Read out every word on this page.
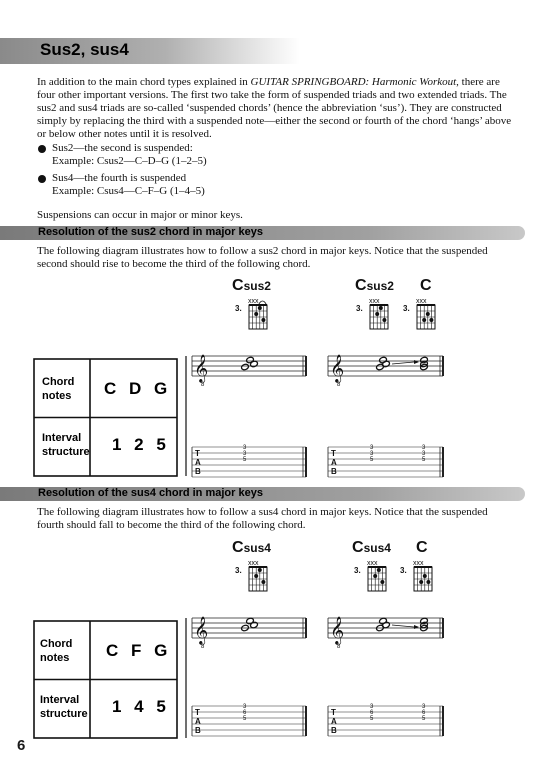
Sus2, sus4
In addition to the main chord types explained in GUITAR SPRINGBOARD: Harmonic Workout, there are four other important versions. The first two take the form of suspended triads and two extended triads. The sus2 and sus4 triads are so-called ‘suspended chords’ (hence the abbreviation ‘sus’). They are constructed simply by replacing the third with a suspended note—either the second or fourth of the chord ‘hangs’ above or below other notes until it is resolved.
Sus2—the second is suspended:
Example: Csus2—C–D–G (1–2–5)
Sus4—the fourth is suspended
Example: Csus4—C–F–G (1–4–5)
Suspensions can occur in major or minor keys.
Resolution of the sus2 chord in major keys
The following diagram illustrates how to follow a sus2 chord in major keys. Notice that the suspended second should rise to become the third of the following chord.
Csus2	Csus2 C
Chord
notes C D G
Interval
structure 1 2 5
Resolution of the sus4 chord in major keys
The following diagram illustrates how to follow a sus4 chord in major keys. Notice that the suspended fourth should fall to become the third of the following chord.
Csus4	Csus4 C
Chord
notes C F G
Interval
structure 1 4 5
3.
xxx
3.
xxx
3.
xxx
𝄞
8
T
A
B
3
3
5
𝄞
8
T
A
B
3
3
5
3
3
5
3.
xxx
3.
xxx
3.
xxx
𝄞
8
T
A
B
3
6
5
𝄞
8
T
A
B
3
6
5
3
6
5
6
